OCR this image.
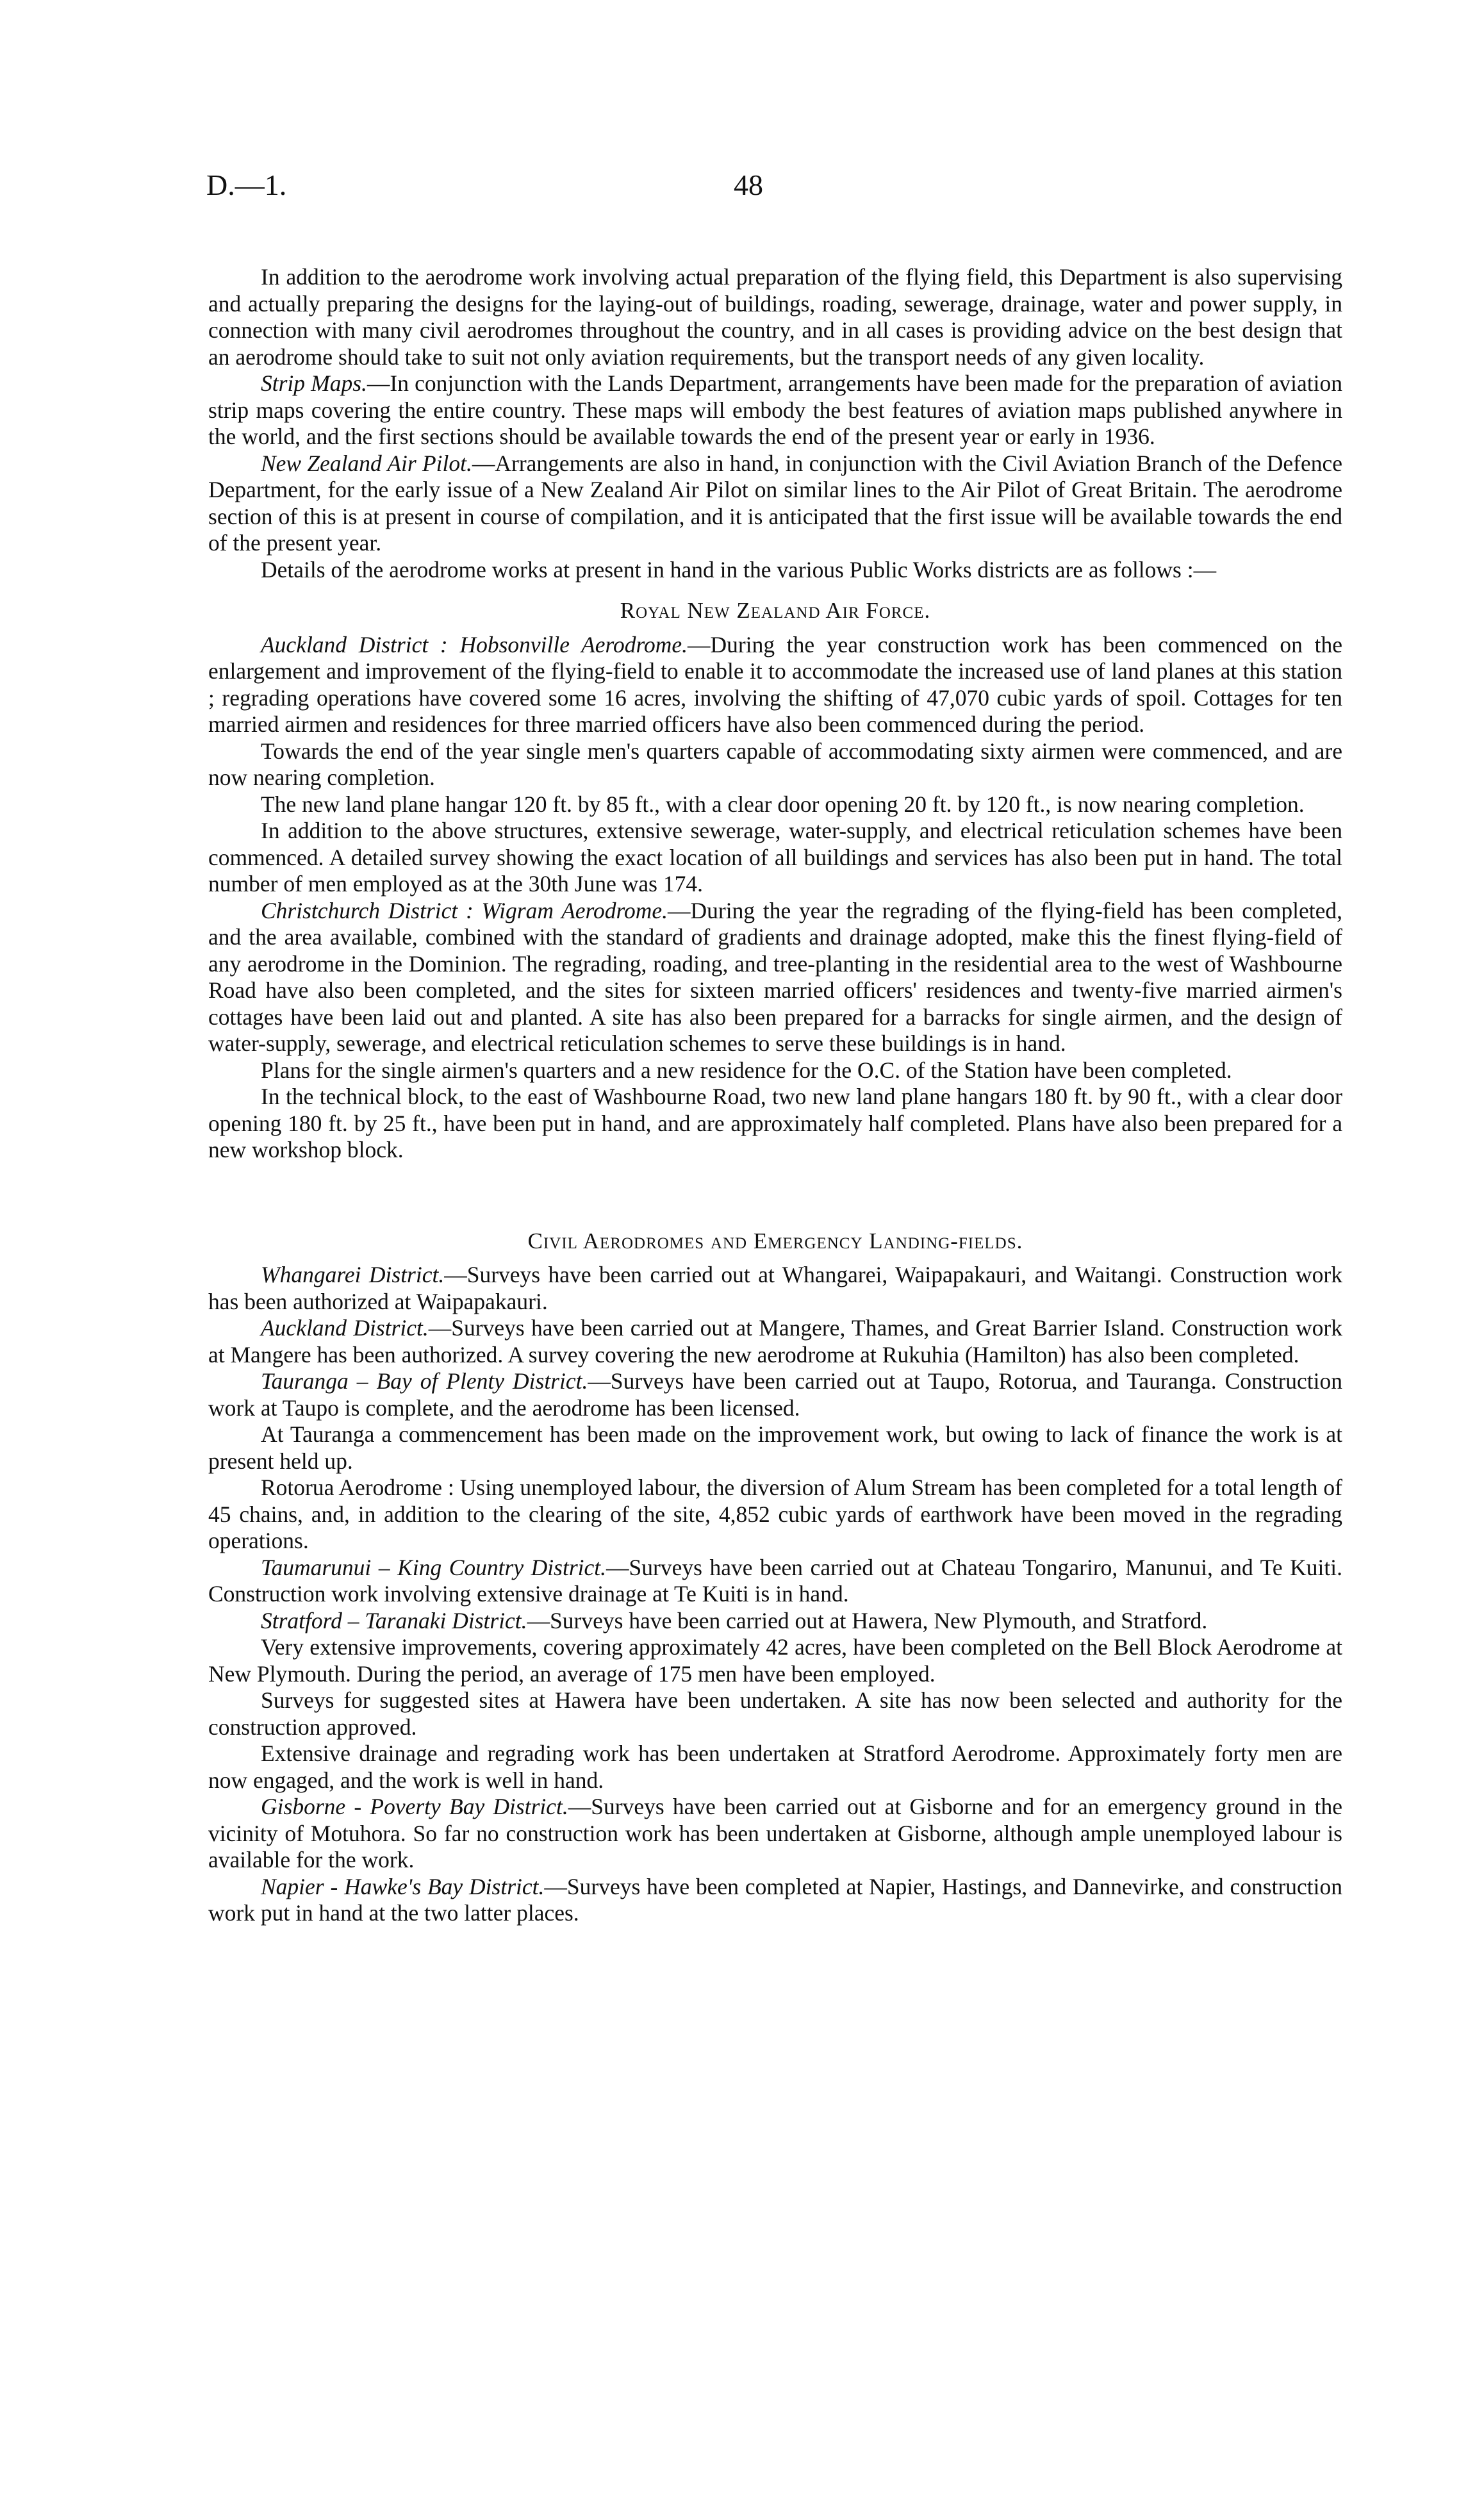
D.—1.	48

In addition to the aerodrome work involving actual preparation of the flying field, this Department is also supervising and actually preparing the designs for the laying-out of buildings, roading, sewerage, drainage, water and power supply, in connection with many civil aerodromes throughout the country, and in all cases is providing advice on the best design that an aerodrome should take to suit not only aviation requirements, but the transport needs of any given locality.

Strip Maps.—In conjunction with the Lands Department, arrangements have been made for the preparation of aviation strip maps covering the entire country. These maps will embody the best features of aviation maps published anywhere in the world, and the first sections should be available towards the end of the present year or early in 1936.

New Zealand Air Pilot.—Arrangements are also in hand, in conjunction with the Civil Aviation Branch of the Defence Department, for the early issue of a New Zealand Air Pilot on similar lines to the Air Pilot of Great Britain. The aerodrome section of this is at present in course of compilation, and it is anticipated that the first issue will be available towards the end of the present year.

Details of the aerodrome works at present in hand in the various Public Works districts are as follows :—

Royal New Zealand Air Force.

Auckland District : Hobsonville Aerodrome.—During the year construction work has been commenced on the enlargement and improvement of the flying-field to enable it to accommodate the increased use of land planes at this station ; regrading operations have covered some 16 acres, involving the shifting of 47,070 cubic yards of spoil. Cottages for ten married airmen and residences for three married officers have also been commenced during the period.

Towards the end of the year single men's quarters capable of accommodating sixty airmen were commenced, and are now nearing completion.

The new land plane hangar 120 ft. by 85 ft., with a clear door opening 20 ft. by 120 ft., is now nearing completion.

In addition to the above structures, extensive sewerage, water-supply, and electrical reticulation schemes have been commenced. A detailed survey showing the exact location of all buildings and services has also been put in hand. The total number of men employed as at the 30th June was 174.

Christchurch District : Wigram Aerodrome.—During the year the regrading of the flying-field has been completed, and the area available, combined with the standard of gradients and drainage adopted, make this the finest flying-field of any aerodrome in the Dominion. The regrading, roading, and tree-planting in the residential area to the west of Washbourne Road have also been completed, and the sites for sixteen married officers' residences and twenty-five married airmen's cottages have been laid out and planted. A site has also been prepared for a barracks for single airmen, and the design of water-supply, sewerage, and electrical reticulation schemes to serve these buildings is in hand.

Plans for the single airmen's quarters and a new residence for the O.C. of the Station have been completed.

In the technical block, to the east of Washbourne Road, two new land plane hangars 180 ft. by 90 ft., with a clear door opening 180 ft. by 25 ft., have been put in hand, and are approximately half completed. Plans have also been prepared for a new workshop block.

Civil Aerodromes and Emergency Landing-fields.

Whangarei District.—Surveys have been carried out at Whangarei, Waipapakauri, and Waitangi. Construction work has been authorized at Waipapakauri.

Auckland District.—Surveys have been carried out at Mangere, Thames, and Great Barrier Island. Construction work at Mangere has been authorized. A survey covering the new aerodrome at Rukuhia (Hamilton) has also been completed.

Tauranga – Bay of Plenty District.—Surveys have been carried out at Taupo, Rotorua, and Tauranga. Construction work at Taupo is complete, and the aerodrome has been licensed.

At Tauranga a commencement has been made on the improvement work, but owing to lack of finance the work is at present held up.

Rotorua Aerodrome : Using unemployed labour, the diversion of Alum Stream has been completed for a total length of 45 chains, and, in addition to the clearing of the site, 4,852 cubic yards of earthwork have been moved in the regrading operations.

Taumarunui – King Country District.—Surveys have been carried out at Chateau Tongariro, Manunui, and Te Kuiti. Construction work involving extensive drainage at Te Kuiti is in hand.

Stratford – Taranaki District.—Surveys have been carried out at Hawera, New Plymouth, and Stratford.

Very extensive improvements, covering approximately 42 acres, have been completed on the Bell Block Aerodrome at New Plymouth. During the period, an average of 175 men have been employed.

Surveys for suggested sites at Hawera have been undertaken. A site has now been selected and authority for the construction approved.

Extensive drainage and regrading work has been undertaken at Stratford Aerodrome. Approximately forty men are now engaged, and the work is well in hand.

Gisborne - Poverty Bay District.—Surveys have been carried out at Gisborne and for an emergency ground in the vicinity of Motuhora. So far no construction work has been undertaken at Gisborne, although ample unemployed labour is available for the work.

Napier - Hawke's Bay District.—Surveys have been completed at Napier, Hastings, and Dannevirke, and construction work put in hand at the two latter places.
